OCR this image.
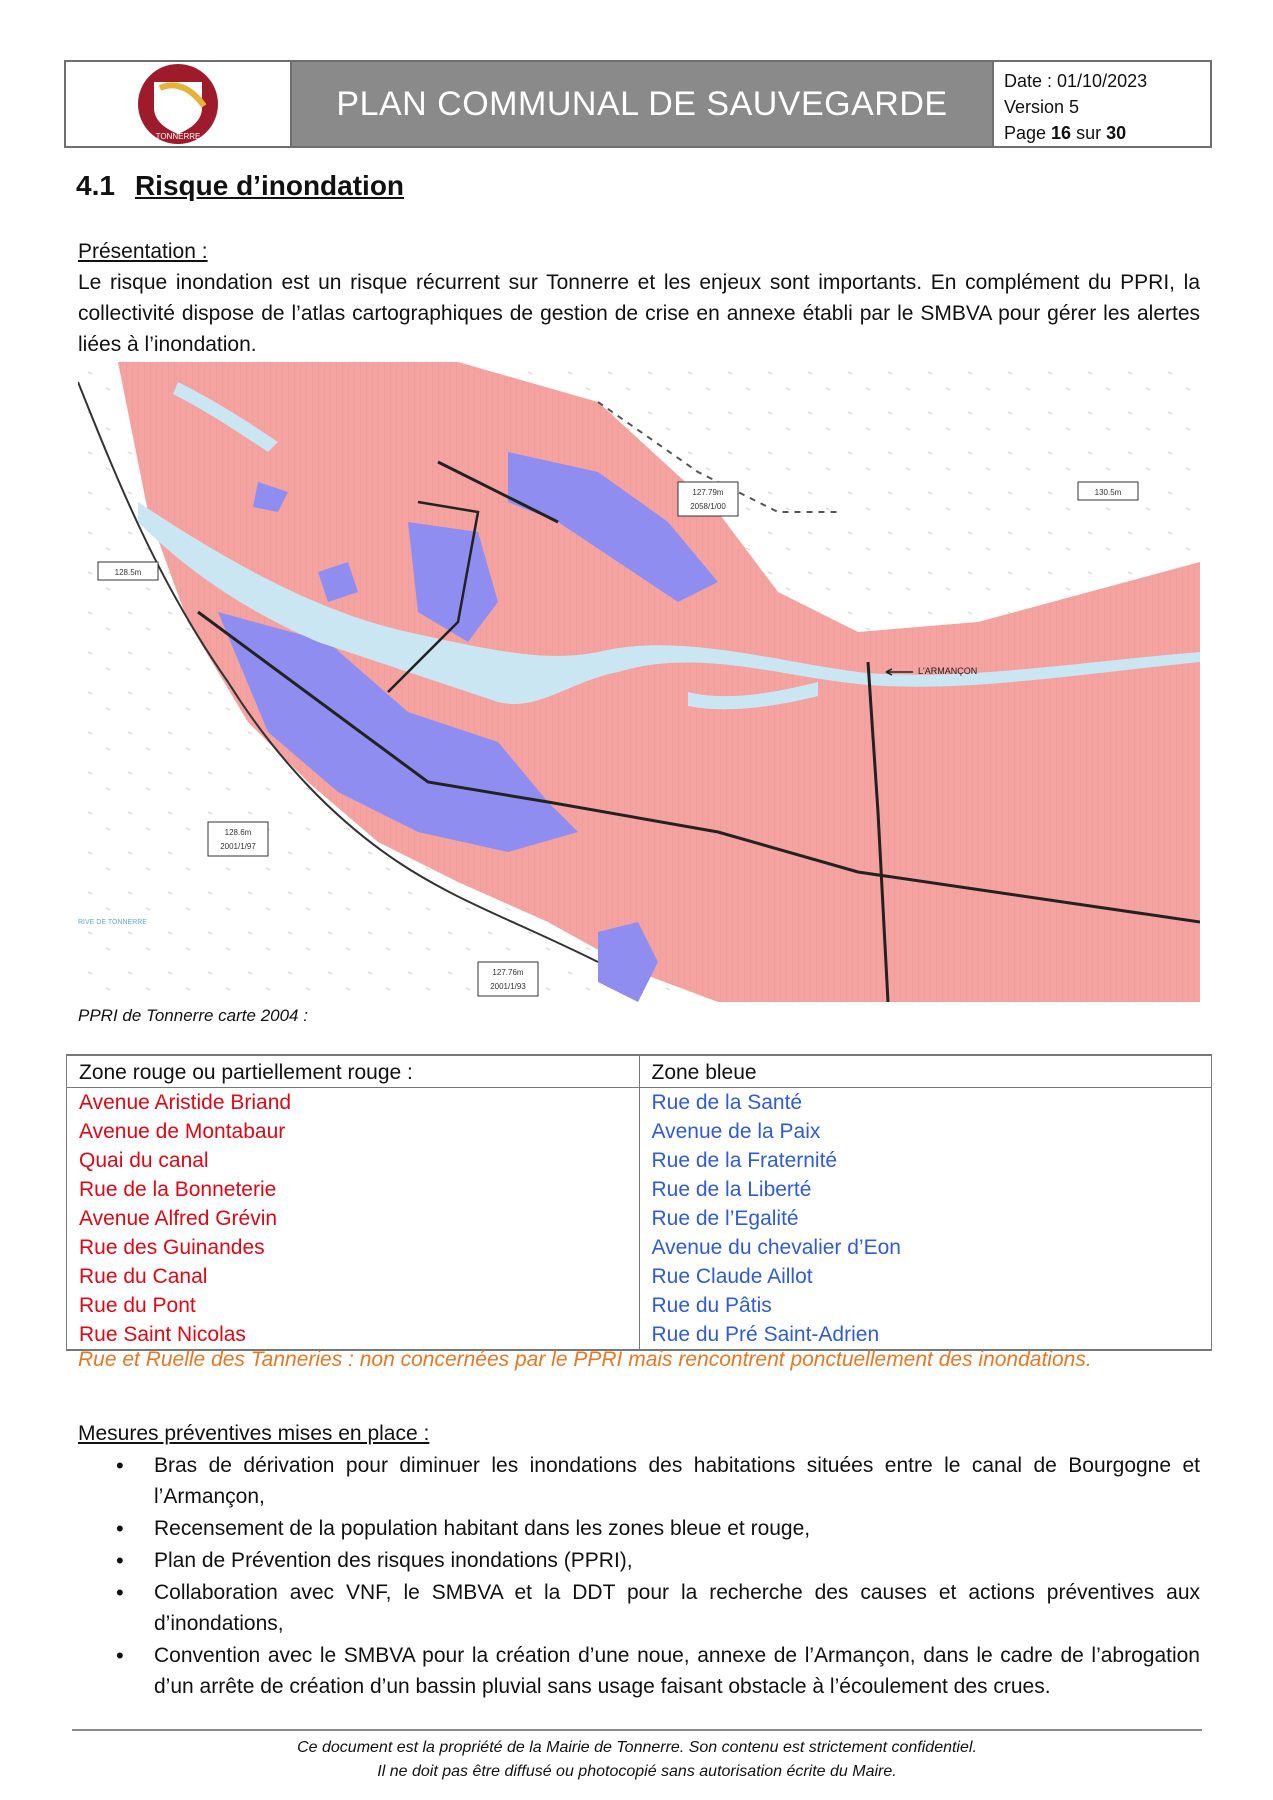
TONNERRE
PLAN COMMUNAL DE SAUVEGARDE
Date : 01/10/2023
Version 5
Page 16 sur 30
4.1 Risque d’inondation
Présentation :
Le risque inondation est un risque récurrent sur Tonnerre et les enjeux sont importants. En complément du PPRI, la collectivité dispose de l’atlas cartographiques de gestion de crise en annexe établi par le SMBVA pour gérer les alertes liées à l’inondation.
127.79m
2058/1/00
130.5m
128.5m
128.6m
2001/1/97
127.76m
2001/1/93
L'ARMANÇON
RIVE DE TONNERRE
PPRI de Tonnerre carte 2004 :
Zone rouge ou partiellement rouge :	Zone bleue
Avenue Aristide Briand	Rue de la Santé
Avenue de Montabaur	Avenue de la Paix
Quai du canal	Rue de la Fraternité
Rue de la Bonneterie	Rue de la Liberté
Avenue Alfred Grévin	Rue de l’Egalité
Rue des Guinandes	Avenue du chevalier d’Eon
Rue du Canal	Rue Claude Aillot
Rue du Pont	Rue du Pâtis
Rue Saint Nicolas	Rue du Pré Saint-Adrien
Rue et Ruelle des Tanneries : non concernées par le PPRI mais rencontrent ponctuellement des inondations.
Mesures préventives mises en place :
• Bras de dérivation pour diminuer les inondations des habitations situées entre le canal de Bourgogne et l’Armançon,
• Recensement de la population habitant dans les zones bleue et rouge,
• Plan de Prévention des risques inondations (PPRI),
• Collaboration avec VNF, le SMBVA et la DDT pour la recherche des causes et actions préventives aux d’inondations,
• Convention avec le SMBVA pour la création d’une noue, annexe de l’Armançon, dans le cadre de l’abrogation d’un arrête de création d’un bassin pluvial sans usage faisant obstacle à l’écoulement des crues.
Ce document est la propriété de la Mairie de Tonnerre. Son contenu est strictement confidentiel.
Il ne doit pas être diffusé ou photocopié sans autorisation écrite du Maire.
